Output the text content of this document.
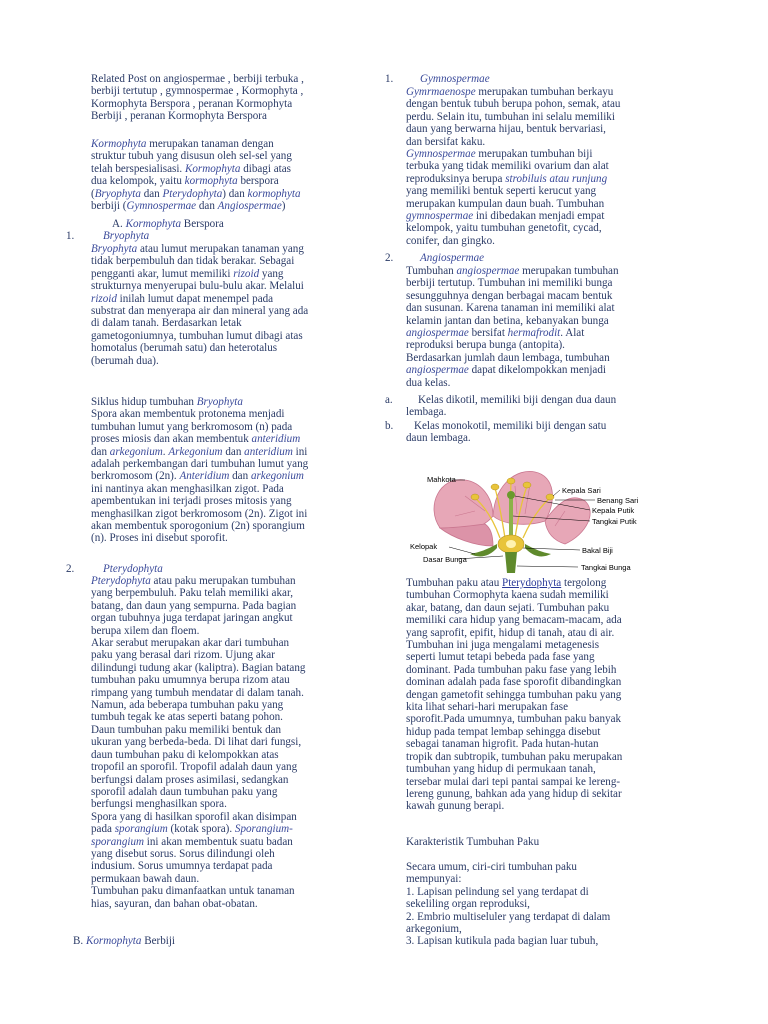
Related Post on angiospermae , berbiji terbuka ,
berbiji tertutup , gymnospermae , Kormophyta ,
Kormophyta Berspora , peranan Kormophyta
Berbiji , peranan Kormophyta Berspora
Kormophyta merupakan tanaman dengan
struktur tubuh yang disusun oleh sel-sel yang
telah berspesialisasi. Kormophyta dibagi atas
dua kelompok, yaitu kormophyta berspora
(Bryophyta dan Pterydophyta) dan kormophyta
berbiji (Gymnospermae dan Angiospermae)
A. Kormophyta Berspora
1.	Bryophyta
Bryophyta atau lumut merupakan tanaman yang
tidak berpembuluh dan tidak berakar. Sebagai
pengganti akar, lumut memiliki rizoid yang
strukturnya menyerupai bulu-bulu akar. Melalui
rizoid inilah lumut dapat menempel pada
substrat dan menyerapa air dan mineral yang ada
di dalam tanah. Berdasarkan letak
gametogoniumnya, tumbuhan lumut dibagi atas
homotalus (berumah satu) dan heterotalus
(berumah dua).
Siklus hidup tumbuhan Bryophyta
Spora akan membentuk protonema menjadi
tumbuhan lumut yang berkromosom (n) pada
proses miosis dan akan membentuk anteridium
dan arkegonium. Arkegonium dan anteridium ini
adalah perkembangan dari tumbuhan lumut yang
berkromosom (2n). Anteridium dan arkegonium
ini nantinya akan menghasilkan zigot. Pada
apembentukan ini terjadi proses mitosis yang
menghasilkan zigot berkromosom (2n). Zigot ini
akan membentuk sporogonium (2n) sporangium
(n). Proses ini disebut sporofit.
2.	Pterydophyta
Pterydophyta atau paku merupakan tumbuhan
yang berpembuluh. Paku telah memiliki akar,
batang, dan daun yang sempurna. Pada bagian
organ tubuhnya juga terdapat jaringan angkut
berupa xilem dan floem.
Akar serabut merupakan akar dari tumbuhan
paku yang berasal dari rizom. Ujung akar
dilindungi tudung akar (kaliptra). Bagian batang
tumbuhan paku umumnya berupa rizom atau
rimpang yang tumbuh mendatar di dalam tanah.
Namun, ada beberapa tumbuhan paku yang
tumbuh tegak ke atas seperti batang pohon.
Daun tumbuhan paku memiliki bentuk dan
ukuran yang berbeda-beda. Di lihat dari fungsi,
daun tumbuhan paku di kelompokkan atas
tropofil an sporofil. Tropofil adalah daun yang
berfungsi dalam proses asimilasi, sedangkan
sporofil adalah daun tumbuhan paku yang
berfungsi menghasilkan spora.
Spora yang di hasilkan sporofil akan disimpan
pada sporangium (kotak spora). Sporangium-
sporangium ini akan membentuk suatu badan
yang disebut sorus. Sorus dilindungi oleh
indusium. Sorus umumnya terdapat pada
permukaan bawah daun.
Tumbuhan paku dimanfaatkan untuk tanaman
hias, sayuran, dan bahan obat-obatan.
B. Kormophyta Berbiji
1. Gymnospermae
Gymrmaenospe merupakan tumbuhan berkayu
dengan bentuk tubuh berupa pohon, semak, atau
perdu. Selain itu, tumbuhan ini selalu memiliki
daun yang berwarna hijau, bentuk bervariasi,
dan bersifat kaku.
Gymnospermae merupakan tumbuhan biji
terbuka yang tidak memiliki ovarium dan alat
reproduksinya berupa strobiluis atau runjung
yang memiliki bentuk seperti kerucut yang
merupakan kumpulan daun buah. Tumbuhan
gymnospermae ini dibedakan menjadi empat
kelompok, yaitu tumbuhan genetofit, cycad,
conifer, dan gingko.
2. Angiospermae
Tumbuhan angiospermae merupakan tumbuhan
berbiji tertutup. Tumbuhan ini memiliki bunga
sesungguhnya dengan berbagai macam bentuk
dan susunan. Karena tanaman ini memiliki alat
kelamin jantan dan betina, kebanyakan bunga
angiospermae bersifat hermafrodit. Alat
reproduksi berupa bunga (antopita).
Berdasarkan jumlah daun lembaga, tumbuhan
angiospermae dapat dikelompokkan menjadi
dua kelas.
a.	Kelas dikotil, memiliki biji dengan dua daun
lembaga.
b.	Kelas monokotil, memiliki biji dengan satu
daun lembaga.
Mahkota
Kepala Sari
Benang Sari
Kepala Putik
Tangkai Putik
Kelopak	Bakal Biji
Dasar Bunga
Tangkai Bunga
Tumbuhan paku atau Pterydophyta tergolong
tumbuhan Cormophyta kaena sudah memiliki
akar, batang, dan daun sejati. Tumbuhan paku
memiliki cara hidup yang bemacam-macam, ada
yang saprofit, epifit, hidup di tanah, atau di air.
Tumbuhan ini juga mengalami metagenesis
seperti lumut tetapi bebeda pada fase yang
dominant. Pada tumbuhan paku fase yang lebih
dominan adalah pada fase sporofit dibandingkan
dengan gametofit sehingga tumbuhan paku yang
kita lihat sehari-hari merupakan fase
sporofit.Pada umumnya, tumbuhan paku banyak
hidup pada tempat lembap sehingga disebut
sebagai tanaman higrofit. Pada hutan-hutan
tropik dan subtropik, tumbuhan paku merupakan
tumbuhan yang hidup di permukaan tanah,
tersebar mulai dari tepi pantai sampai ke lereng-
lereng gunung, bahkan ada yang hidup di sekitar
kawah gunung berapi.
Karakteristik Tumbuhan Paku
Secara umum, ciri-ciri tumbuhan paku
mempunyai:
1. Lapisan pelindung sel yang terdapat di
sekeliling organ reproduksi,
2. Embrio multiseluler yang terdapat di dalam
arkegonium,
3. Lapisan kutikula pada bagian luar tubuh,
